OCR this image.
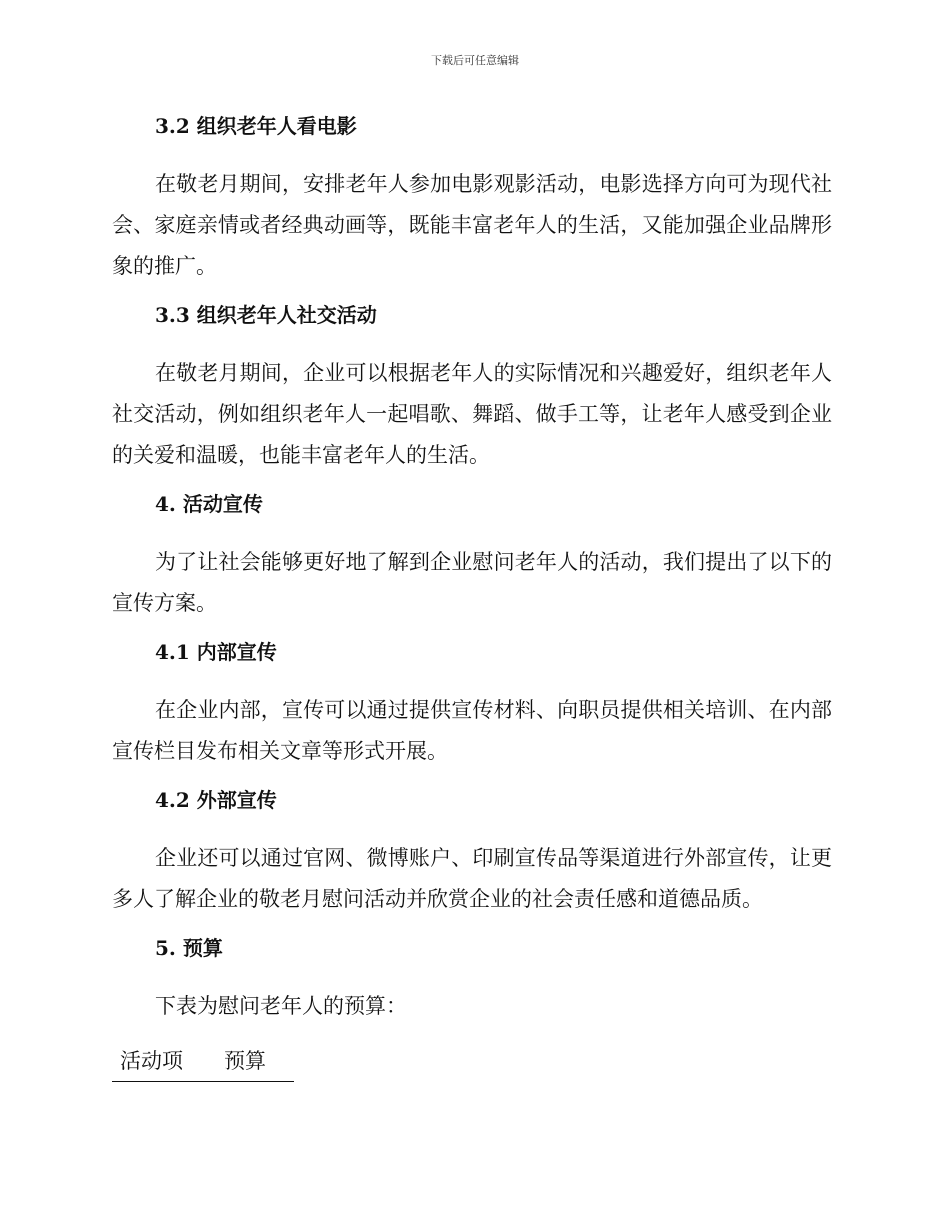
下载后可任意编辑
3.2 组织老年人看电影

在敬老月期间，安排老年人参加电影观影活动，电影选择方向可为现代社会、家庭亲情或者经典动画等，既能丰富老年人的生活，又能加强企业品牌形象的推广。

3.3 组织老年人社交活动

在敬老月期间，企业可以根据老年人的实际情况和兴趣爱好，组织老年人社交活动，例如组织老年人一起唱歌、舞蹈、做手工等，让老年人感受到企业的关爱和温暖，也能丰富老年人的生活。

4. 活动宣传

为了让社会能够更好地了解到企业慰问老年人的活动，我们提出了以下的宣传方案。

4.1 内部宣传

在企业内部，宣传可以通过提供宣传材料、向职员提供相关培训、在内部宣传栏目发布相关文章等形式开展。

4.2 外部宣传

企业还可以通过官网、微博账户、印刷宣传品等渠道进行外部宣传，让更多人了解企业的敬老月慰问活动并欣赏企业的社会责任感和道德品质。

5. 预算

下表为慰问老年人的预算：

活动项	预算
